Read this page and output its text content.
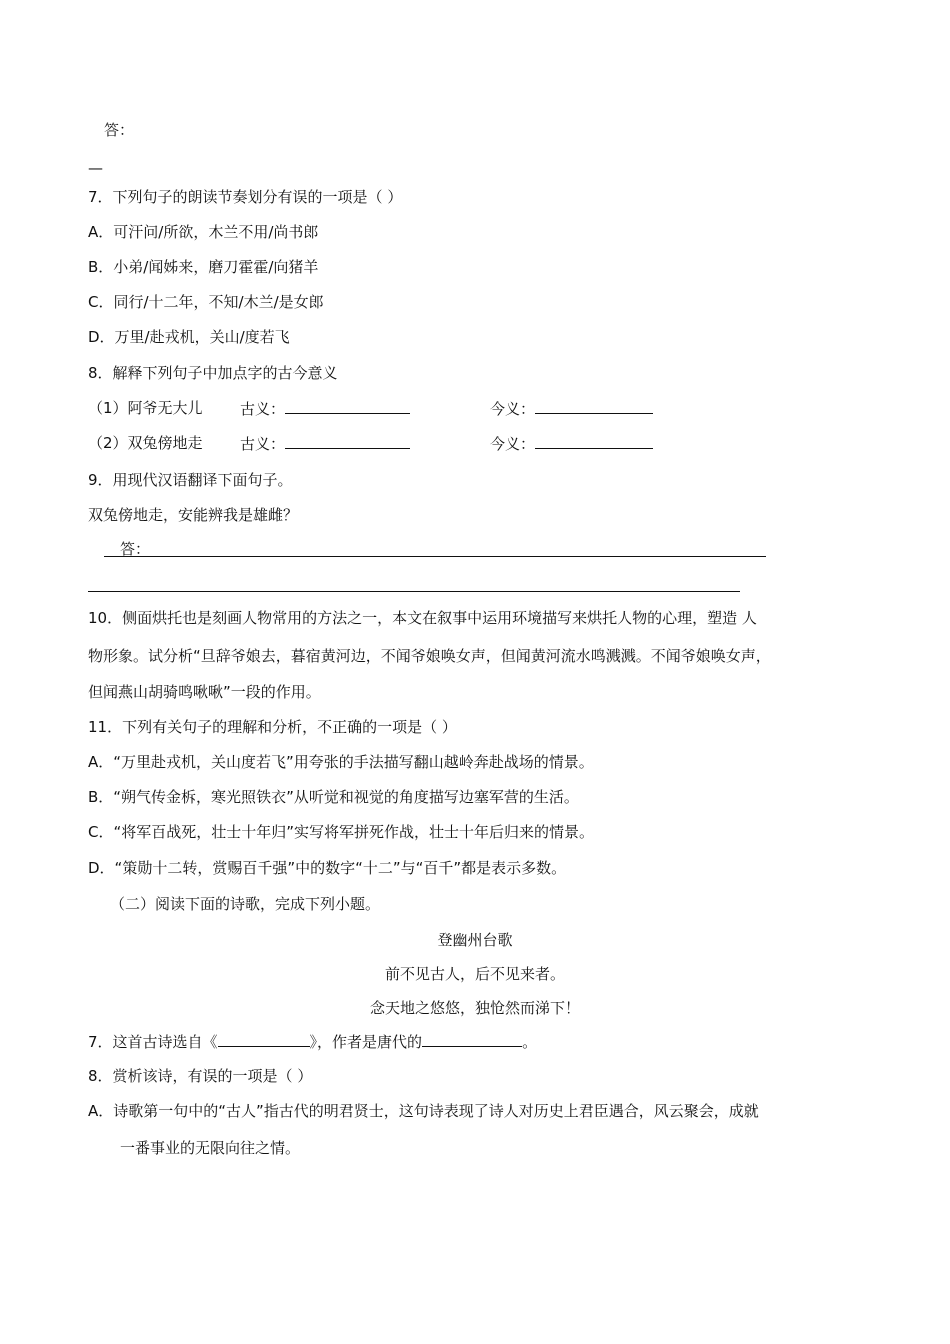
答：
—
7．下列句子的朗读节奏划分有误的一项是（ ）
A．可汗问/所欲，木兰不用/尚书郎
B．小弟/闻姊来，磨刀霍霍/向猪羊
C．同行/十二年，不知/木兰/是女郎
D．万里/赴戎机，关山/度若飞
8．解释下列句子中加点字的古今意义
（1）阿爷无大儿 古义：	今义：
（2）双兔傍地走 古义：	今义：
9．用现代汉语翻译下面句子。
双兔傍地走，安能辨我是雄雌？
答：
10．侧面烘托也是刻画人物常用的方法之一，本文在叙事中运用环境描写来烘托人物的心理，塑造 人
物形象。试分析“旦辞爷娘去，暮宿黄河边，不闻爷娘唤女声，但闻黄河流水鸣溅溅。不闻爷娘唤女声，
但闻燕山胡骑鸣啾啾”一段的作用。
11．下列有关句子的理解和分析，不正确的一项是（ ）
A．“万里赴戎机，关山度若飞”用夸张的手法描写翻山越岭奔赴战场的情景。
B．“朔气传金柝，寒光照铁衣”从听觉和视觉的角度描写边塞军营的生活。
C．“将军百战死，壮士十年归”实写将军拼死作战，壮士十年后归来的情景。
D．“策勋十二转，赏赐百千强”中的数字“十二”与“百千”都是表示多数。
（二）阅读下面的诗歌，完成下列小题。
登幽州台歌
前不见古人，后不见来者。
念天地之悠悠，独怆然而涕下！
7．这首古诗选自《	》，作者是唐代的	。
8．赏析该诗，有误的一项是（ ）
A．诗歌第一句中的“古人”指古代的明君贤士，这句诗表现了诗人对历史上君臣遇合，风云聚会，成就
一番事业的无限向往之情。
